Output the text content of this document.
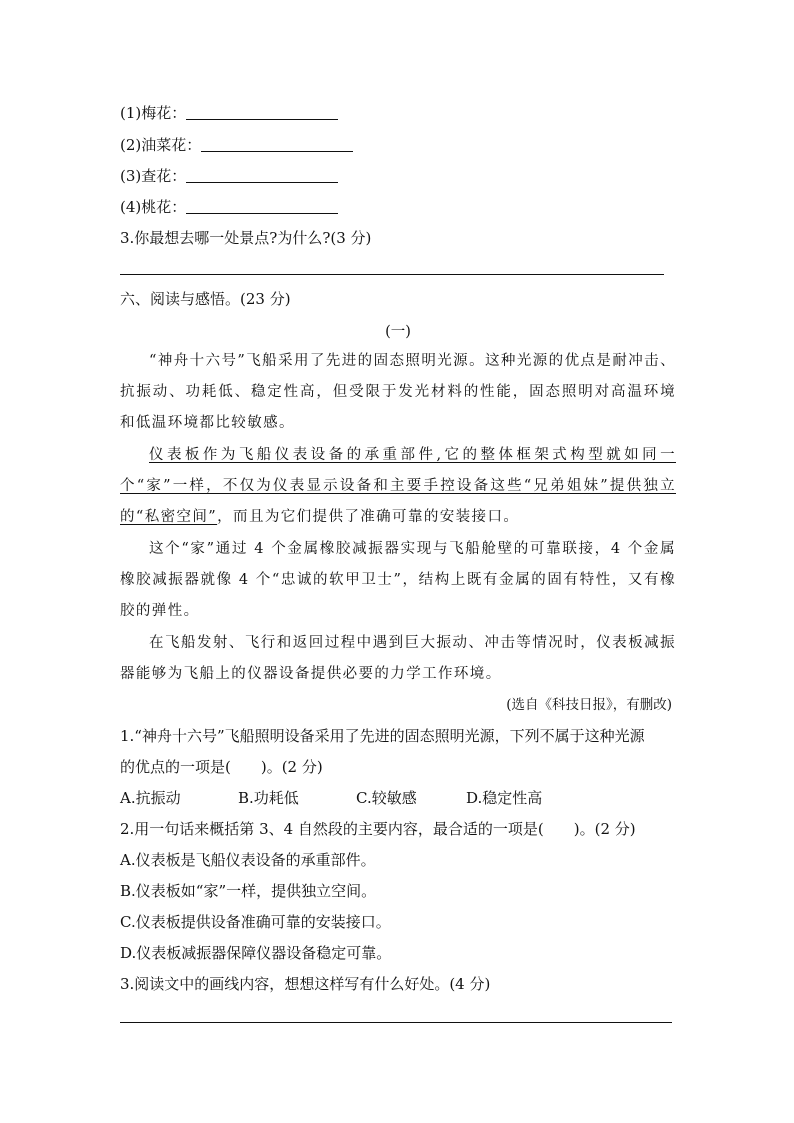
(1)梅花：
(2)油菜花：
(3)查花：
(4)桃花：
3.你最想去哪一处景点?为什么?(3 分)
六、阅读与感悟。(23 分)
(一)
“神舟十六号”飞船采用了先进的固态照明光源。这种光源的优点是耐冲击、抗振动、功耗低、稳定性高，但受限于发光材料的性能，固态照明对高温环境和低温环境都比较敏感。
仪表板作为飞船仪表设备的承重部件,它的整体框架式构型就如同一个“家”一样，不仅为仪表显示设备和主要手控设备这些“兄弟姐妹”提供独立的“私密空间”，而且为它们提供了准确可靠的安装接口。
这个“家”通过 4 个金属橡胶减振器实现与飞船舱壁的可靠联接，4 个金属橡胶减振器就像 4 个“忠诚的软甲卫士”，结构上既有金属的固有特性，又有橡胶的弹性。
在飞船发射、飞行和返回过程中遇到巨大振动、冲击等情况时，仪表板减振器能够为飞船上的仪器设备提供必要的力学工作环境。
(选自《科技日报》，有删改)
1.“神舟十六号”飞船照明设备采用了先进的固态照明光源，下列不属于这种光源
的优点的一项是(　　)。(2 分)
A.抗振动	B.功耗低	C.较敏感	D.稳定性高
2.用一句话来概括第 3、4 自然段的主要内容，最合适的一项是(　　)。(2 分)
A.仪表板是飞船仪表设备的承重部件。
B.仪表板如“家”一样，提供独立空间。
C.仪表板提供设备准确可靠的安装接口。
D.仪表板减振器保障仪器设备稳定可靠。
3.阅读文中的画线内容，想想这样写有什么好处。(4 分)
